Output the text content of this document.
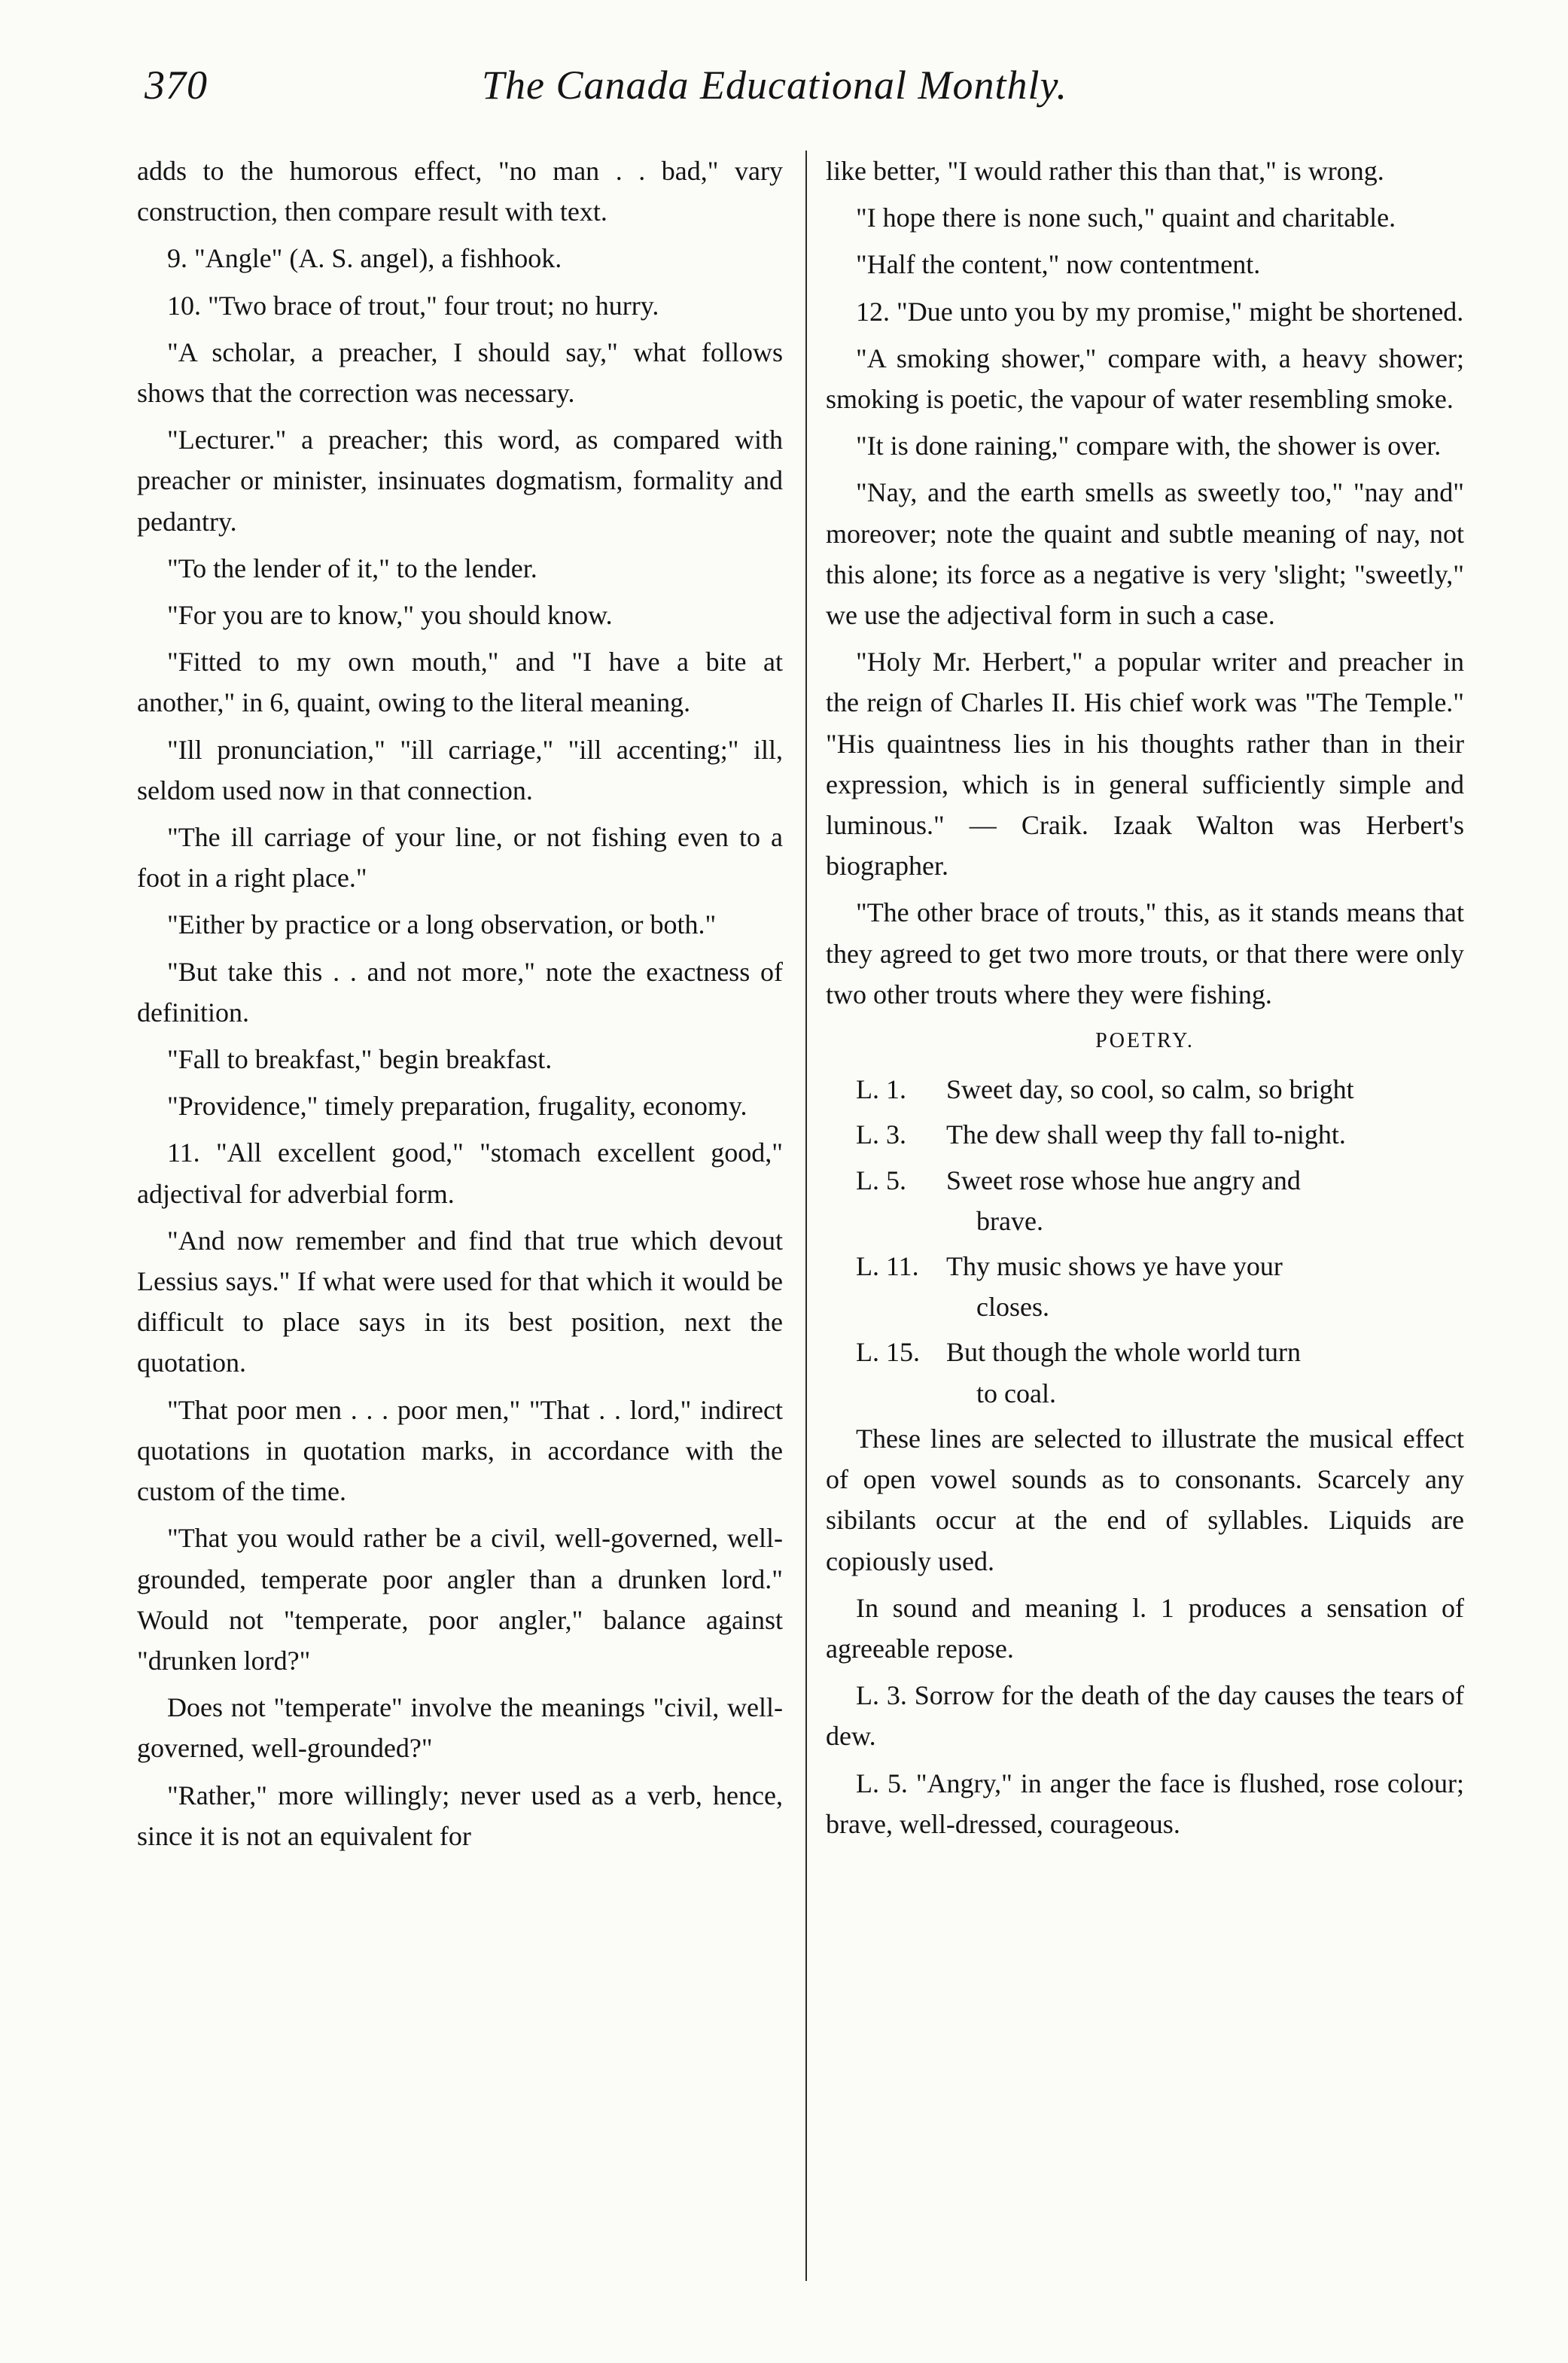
370	The Canada Educational Monthly.

adds to the humorous effect, "no man . . bad," vary construction, then compare result with text.

9. "Angle" (A. S. angel), a fishhook.

10. "Two brace of trout," four trout; no hurry.

"A scholar, a preacher, I should say," what follows shows that the correction was necessary.

"Lecturer." a preacher; this word, as compared with preacher or minister, insinuates dogmatism, formality and pedantry.

"To the lender of it," to the lender.

"For you are to know," you should know.

"Fitted to my own mouth," and "I have a bite at another," in 6, quaint, owing to the literal meaning.

"Ill pronunciation," "ill carriage," "ill accenting;" ill, seldom used now in that connection.

"The ill carriage of your line, or not fishing even to a foot in a right place."

"Either by practice or a long observation, or both."

"But take this . . and not more," note the exactness of definition.

"Fall to breakfast," begin breakfast.

"Providence," timely preparation, frugality, economy.

11. "All excellent good," "stomach excellent good," adjectival for adverbial form.

"And now remember and find that true which devout Lessius says." If what were used for that which it would be difficult to place says in its best position, next the quotation.

"That poor men . . . poor men," "That . . lord," indirect quotations in quotation marks, in accordance with the custom of the time.

"That you would rather be a civil, well-governed, well-grounded, temperate poor angler than a drunken lord." Would not "temperate, poor angler," balance against "drunken lord?"

Does not "temperate" involve the meanings "civil, well-governed, well-grounded?"

"Rather," more willingly; never used as a verb, hence, since it is not an equivalent for

like better, "I would rather this than that," is wrong.

"I hope there is none such," quaint and charitable.

"Half the content," now contentment.

12. "Due unto you by my promise," might be shortened.

"A smoking shower," compare with, a heavy shower; smoking is poetic, the vapour of water resembling smoke.

"It is done raining," compare with, the shower is over.

"Nay, and the earth smells as sweetly too," "nay and" moreover; note the quaint and subtle meaning of nay, not this alone; its force as a negative is very 'slight; "sweetly," we use the adjectival form in such a case.

"Holy Mr. Herbert," a popular writer and preacher in the reign of Charles II. His chief work was "The Temple." "His quaintness lies in his thoughts rather than in their expression, which is in general sufficiently simple and luminous." — Craik. Izaak Walton was Herbert's biographer.

"The other brace of trouts," this, as it stands means that they agreed to get two more trouts, or that there were only two other trouts where they were fishing.

POETRY.

L. 1. Sweet day, so cool, so calm, so bright
L. 3. The dew shall weep thy fall to-night.
L. 5. Sweet rose whose hue angry and
brave.
L. 11. Thy music shows ye have your
closes.
L. 15. But though the whole world turn
to coal.

These lines are selected to illustrate the musical effect of open vowel sounds as to consonants. Scarcely any sibilants occur at the end of syllables. Liquids are copiously used.

In sound and meaning l. 1 produces a sensation of agreeable repose.

L. 3. Sorrow for the death of the day causes the tears of dew.

L. 5. "Angry," in anger the face is flushed, rose colour; brave, well-dressed, courageous.
